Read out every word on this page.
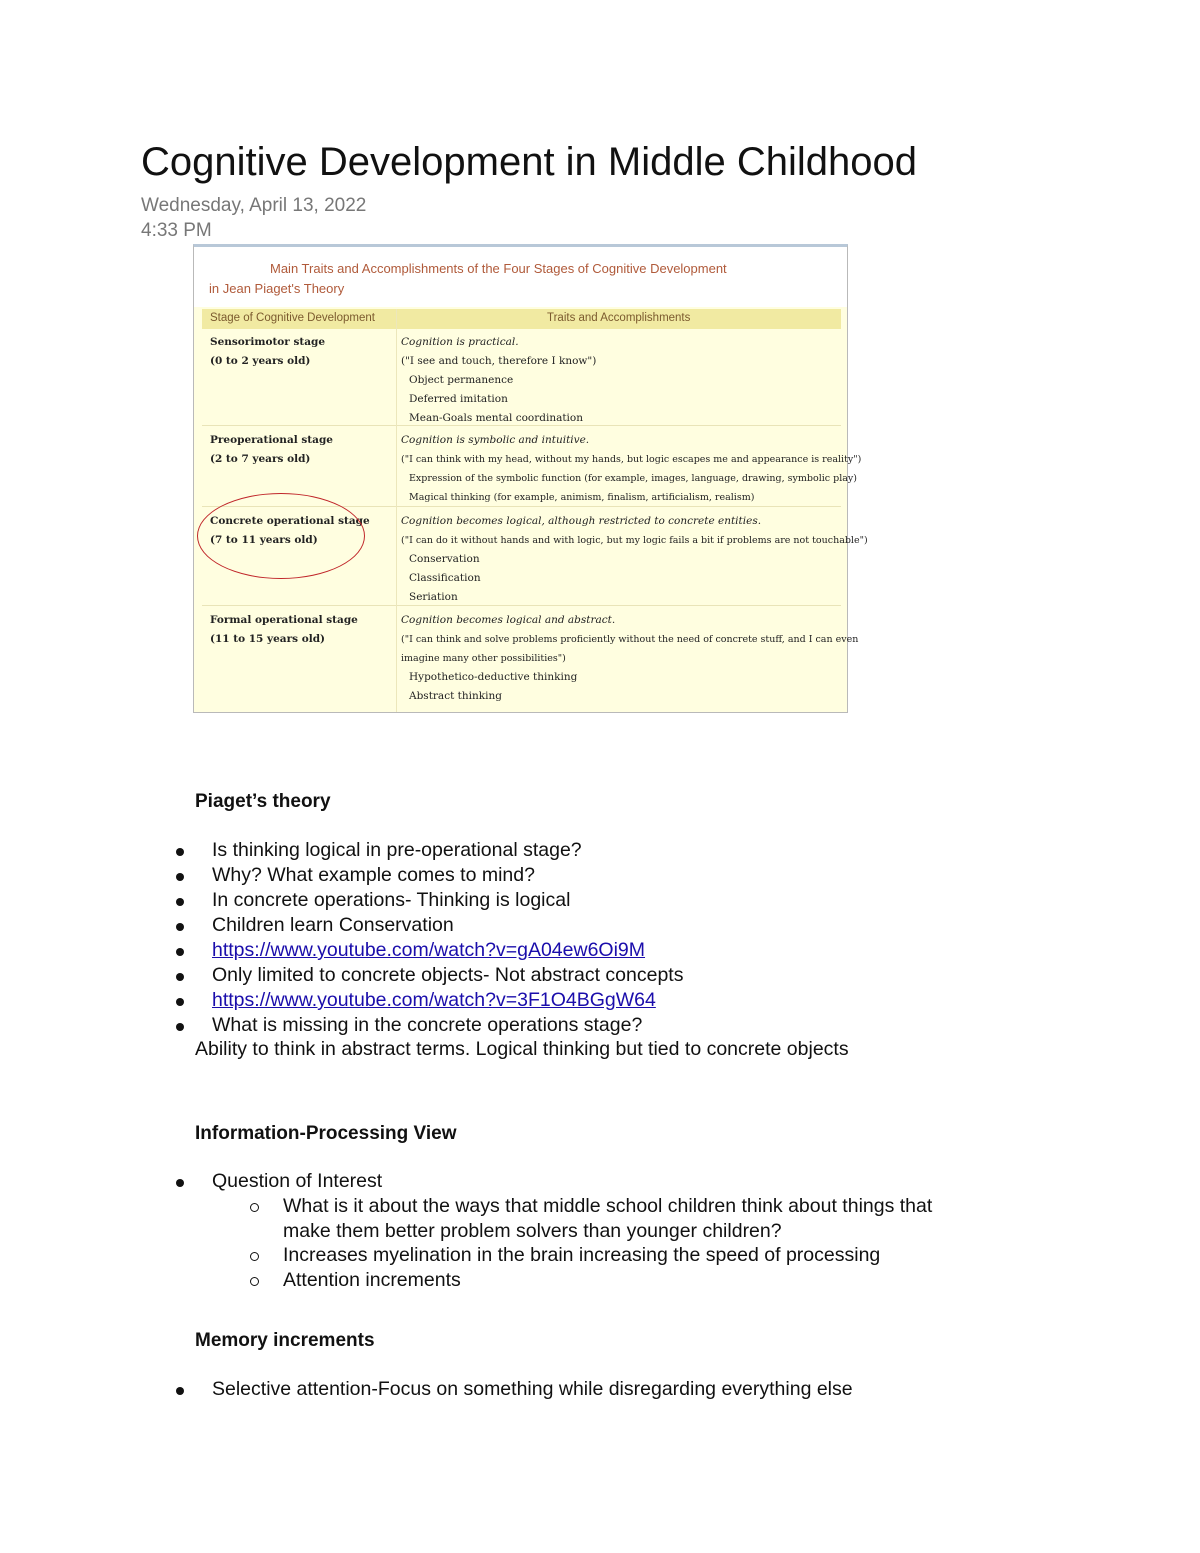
Cognitive Development in Middle Childhood
Wednesday, April 13, 2022
4:33 PM
Main Traits and Accomplishments of the Four Stages of Cognitive Development
in Jean Piaget's Theory
Stage of Cognitive Development	Traits and Accomplishments
Sensorimotor stage
(0 to 2 years old)
Cognition is practical.
("I see and touch, therefore I know")
Object permanence
Deferred imitation
Mean-Goals mental coordination
Preoperational stage
(2 to 7 years old)
Cognition is symbolic and intuitive.
("I can think with my head, without my hands, but logic escapes me and appearance is reality")
Expression of the symbolic function (for example, images, language, drawing, symbolic play)
Magical thinking (for example, animism, finalism, artificialism, realism)
Concrete operational stage
(7 to 11 years old)
Cognition becomes logical, although restricted to concrete entities.
("I can do it without hands and with logic, but my logic fails a bit if problems are not touchable")
Conservation
Classification
Seriation
Formal operational stage
(11 to 15 years old)
Cognition becomes logical and abstract.
("I can think and solve problems proficiently without the need of concrete stuff, and I can even
imagine many other possibilities")
Hypothetico-deductive thinking
Abstract thinking
Piaget’s theory
Is thinking logical in pre-operational stage?
Why? What example comes to mind?
In concrete operations- Thinking is logical
Children learn Conservation
https://www.youtube.com/watch?v=gA04ew6Oi9M
Only limited to concrete objects- Not abstract concepts
https://www.youtube.com/watch?v=3F1O4BGgW64
What is missing in the concrete operations stage?
Ability to think in abstract terms. Logical thinking but tied to concrete objects
Information-Processing View
Question of Interest
What is it about the ways that middle school children think about things that
make them better problem solvers than younger children?
Increases myelination in the brain increasing the speed of processing
Attention increments
Memory increments
Selective attention-Focus on something while disregarding everything else
